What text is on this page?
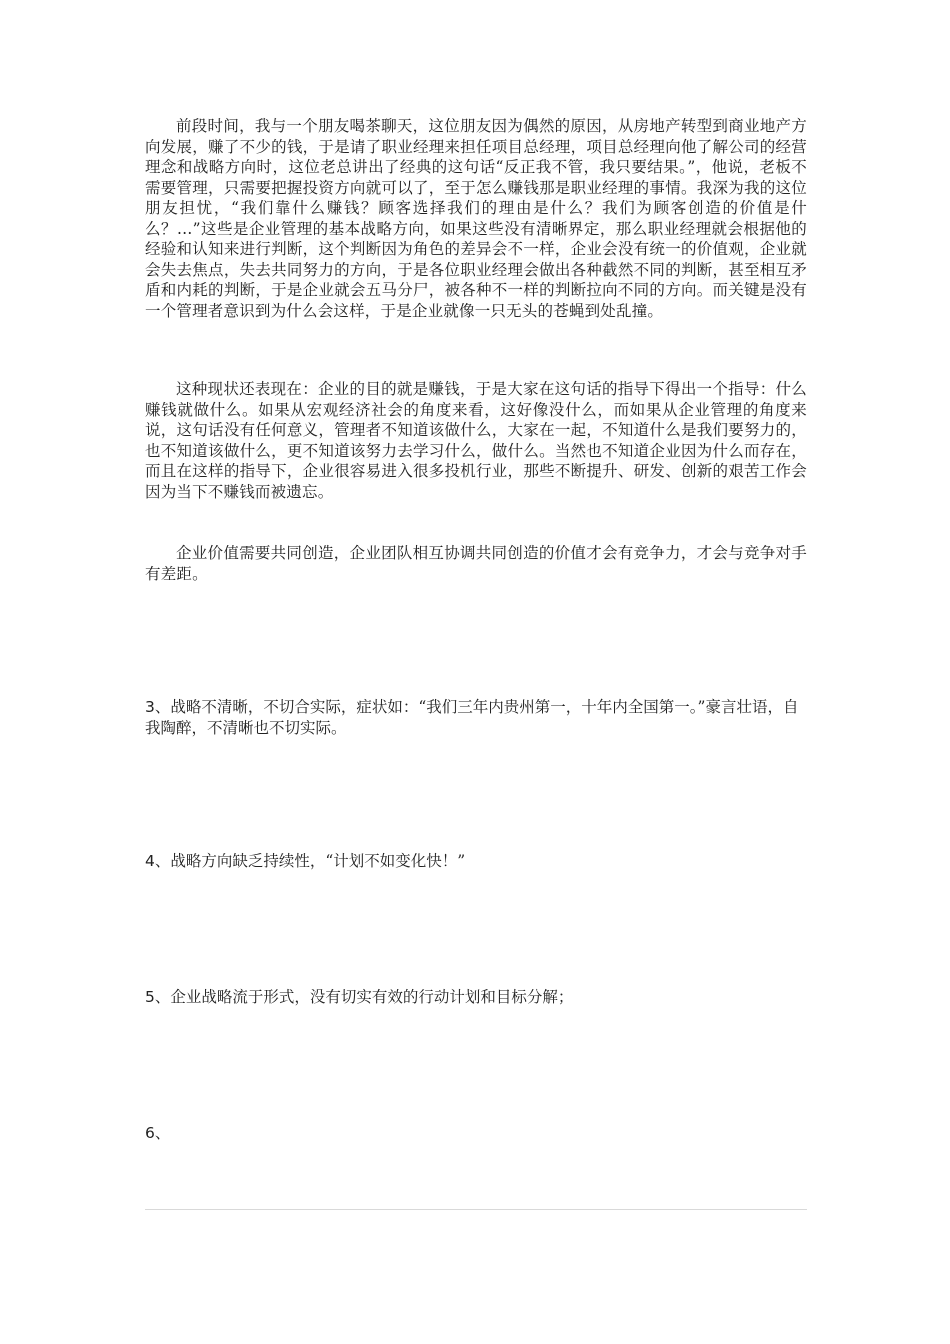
前段时间，我与一个朋友喝茶聊天，这位朋友因为偶然的原因，从房地产转型到商业地产方向发展，赚了不少的钱，于是请了职业经理来担任项目总经理，项目总经理向他了解公司的经营理念和战略方向时，这位老总讲出了经典的这句话“反正我不管，我只要结果。”，他说，老板不需要管理，只需要把握投资方向就可以了，至于怎么赚钱那是职业经理的事情。我深为我的这位朋友担忧，“我们靠什么赚钱？顾客选择我们的理由是什么？我们为顾客创造的价值是什么？…”这些是企业管理的基本战略方向，如果这些没有清晰界定，那么职业经理就会根据他的经验和认知来进行判断，这个判断因为角色的差异会不一样，企业会没有统一的价值观，企业就会失去焦点，失去共同努力的方向，于是各位职业经理会做出各种截然不同的判断，甚至相互矛盾和内耗的判断，于是企业就会五马分尸，被各种不一样的判断拉向不同的方向。而关键是没有一个管理者意识到为什么会这样，于是企业就像一只无头的苍蝇到处乱撞。

这种现状还表现在：企业的目的就是赚钱，于是大家在这句话的指导下得出一个指导：什么赚钱就做什么。如果从宏观经济社会的角度来看，这好像没什么，而如果从企业管理的角度来说，这句话没有任何意义，管理者不知道该做什么，大家在一起，不知道什么是我们要努力的，也不知道该做什么，更不知道该努力去学习什么，做什么。当然也不知道企业因为什么而存在，而且在这样的指导下，企业很容易进入很多投机行业，那些不断提升、研发、创新的艰苦工作会因为当下不赚钱而被遗忘。

企业价值需要共同创造，企业团队相互协调共同创造的价值才会有竞争力，才会与竞争对手有差距。

3、战略不清晰，不切合实际，症状如：“我们三年内贵州第一，十年内全国第一。”豪言壮语，自我陶醉，不清晰也不切实际。

4、战略方向缺乏持续性，“计划不如变化快！”

5、企业战略流于形式，没有切实有效的行动计划和目标分解；

6、
